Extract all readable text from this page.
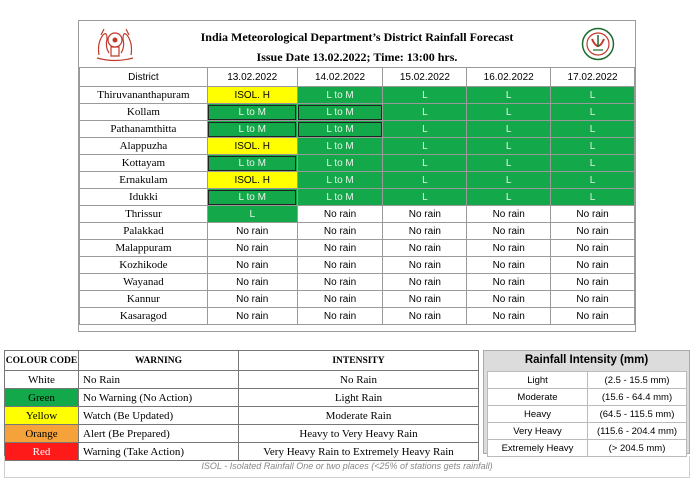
India Meteorological Department’s District Rainfall Forecast
Issue Date 13.02.2022; Time: 13:00 hrs.
District	13.02.2022	14.02.2022	15.02.2022	16.02.2022	17.02.2022
Thiruvananthapuram	ISOL. H	L to M	L	L	L
Kollam	L to M	L to M	L	L	L
Pathanamthitta	L to M	L to M	L	L	L
Alappuzha	ISOL. H	L to M	L	L	L
Kottayam	L to M	L to M	L	L	L
Ernakulam	ISOL. H	L to M	L	L	L
Idukki	L to M	L to M	L	L	L
Thrissur	L	No rain	No rain	No rain	No rain
Palakkad	No rain	No rain	No rain	No rain	No rain
Malappuram	No rain	No rain	No rain	No rain	No rain
Kozhikode	No rain	No rain	No rain	No rain	No rain
Wayanad	No rain	No rain	No rain	No rain	No rain
Kannur	No rain	No rain	No rain	No rain	No rain
Kasaragod	No rain	No rain	No rain	No rain	No rain
COLOUR CODE	WARNING	INTENSITY
White	No Rain	No Rain
Green	No Warning (No Action)	Light Rain
Yellow	Watch (Be Updated)	Moderate Rain
Orange	Alert (Be Prepared)	Heavy to Very Heavy Rain
Red	Warning (Take Action)	Very Heavy Rain to Extremely Heavy Rain
Rainfall Intensity (mm)
Light	(2.5 - 15.5 mm)
Moderate	(15.6 - 64.4 mm)
Heavy	(64.5 - 115.5 mm)
Very Heavy	(115.6 - 204.4 mm)
Extremely Heavy	(> 204.5 mm)
ISOL - Isolated Rainfall One or two places (<25% of stations gets rainfall)
